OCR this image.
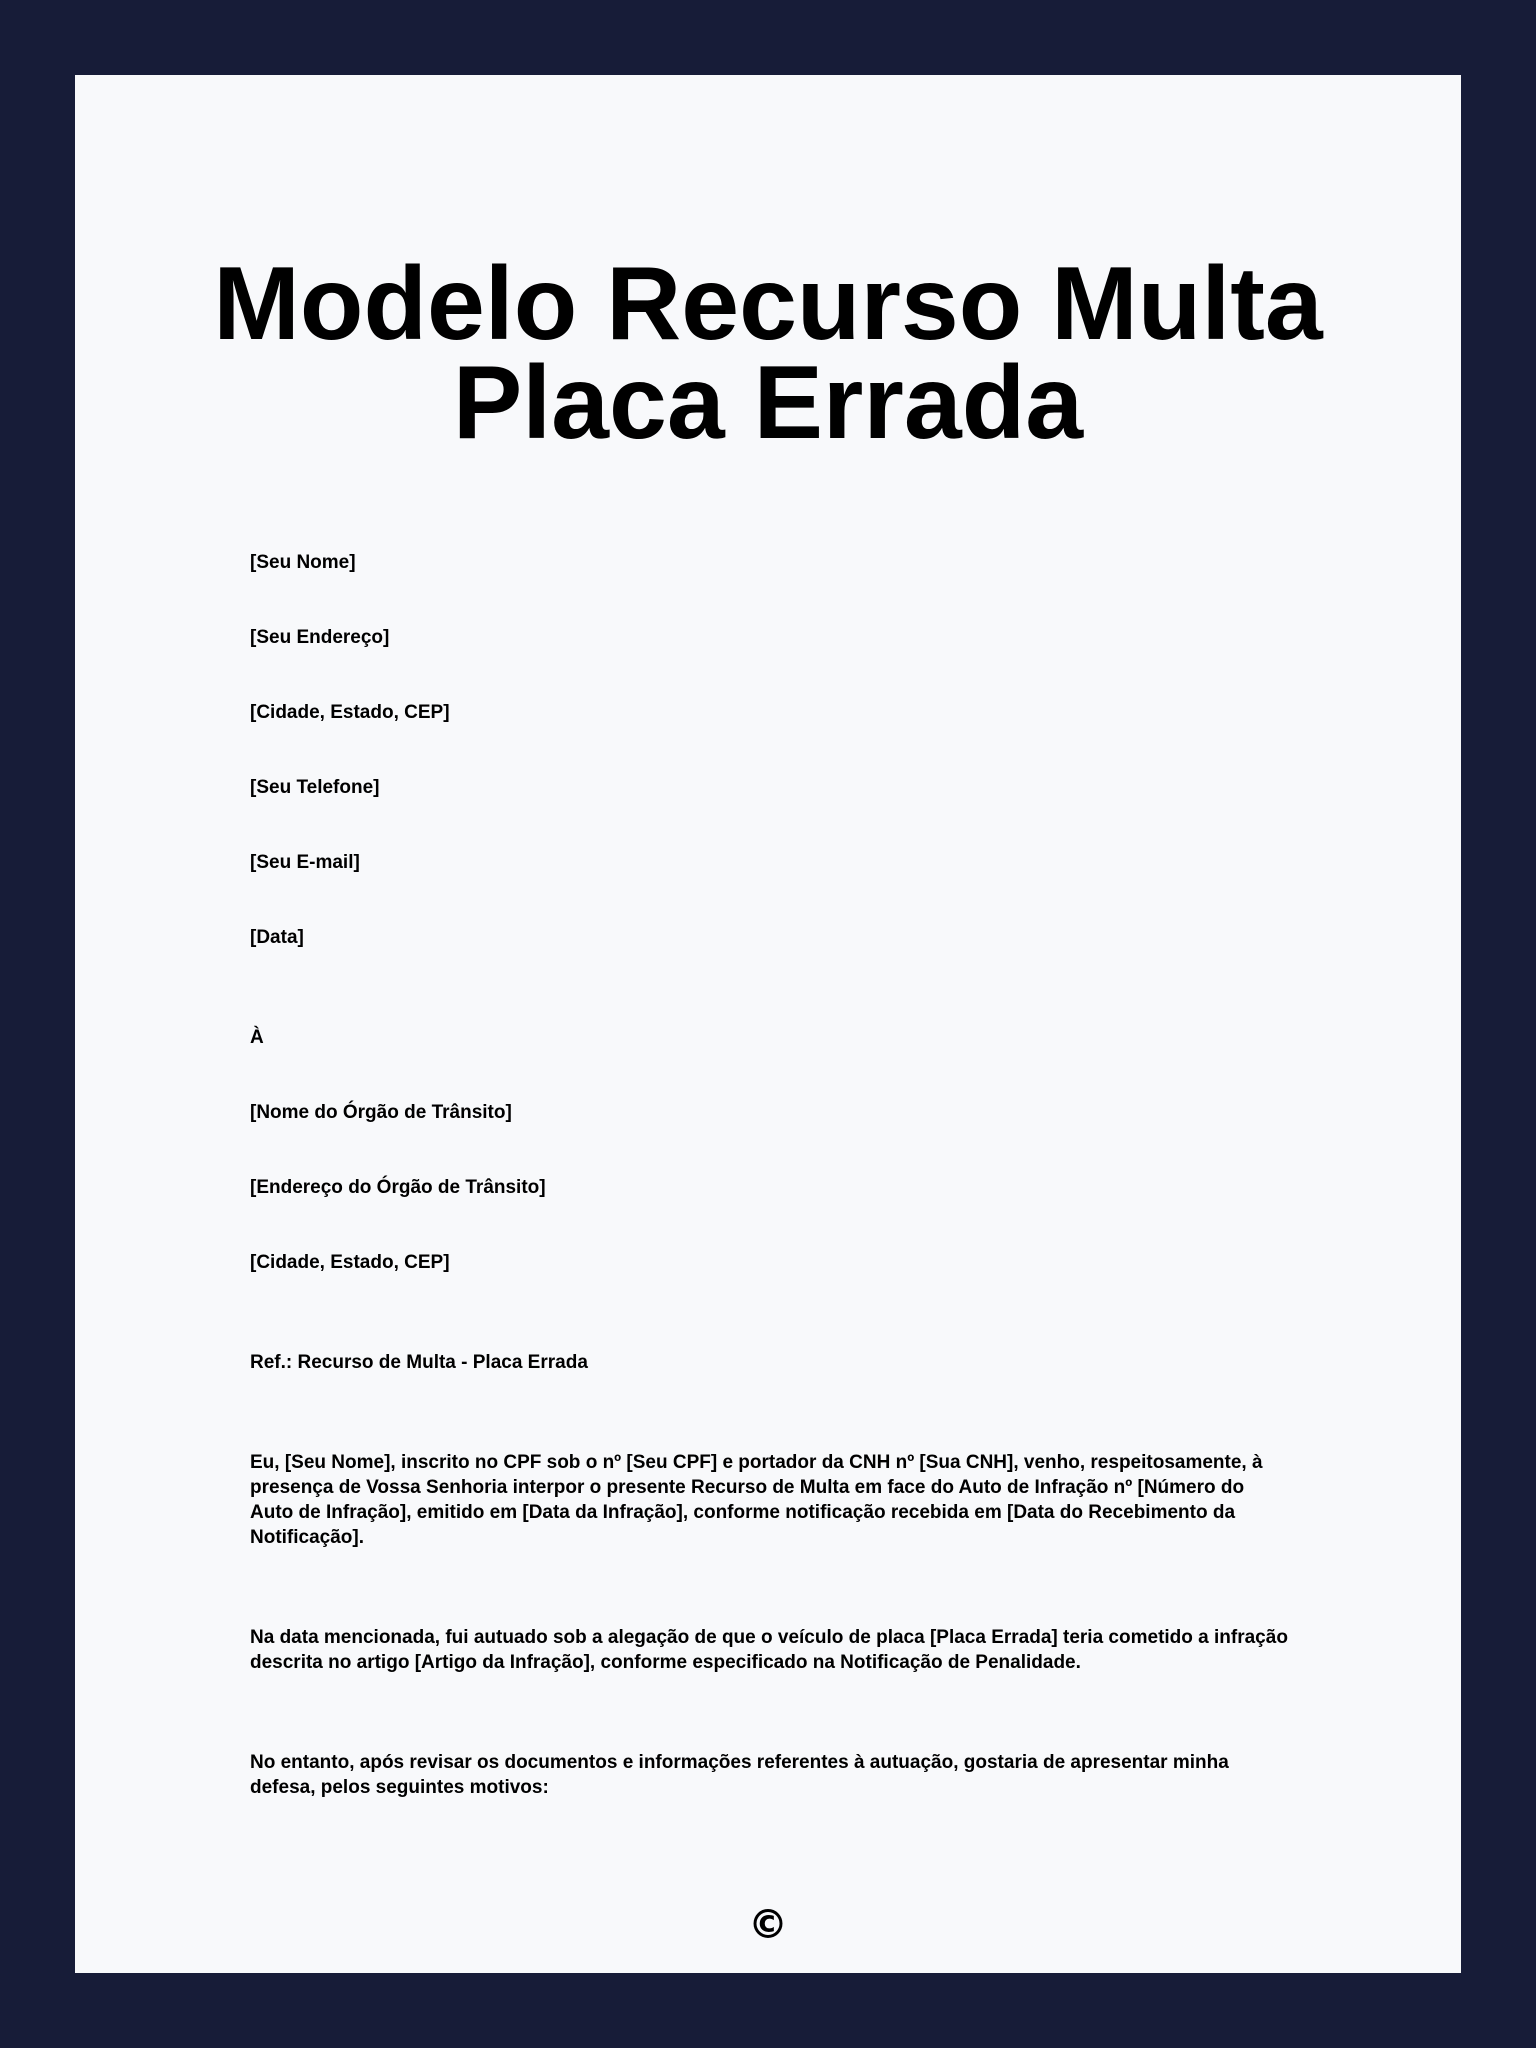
Modelo Recurso Multa Placa Errada

[Seu Nome]

[Seu Endereço]

[Cidade, Estado, CEP]

[Seu Telefone]

[Seu E-mail]

[Data]

À

[Nome do Órgão de Trânsito]

[Endereço do Órgão de Trânsito]

[Cidade, Estado, CEP]

Ref.: Recurso de Multa - Placa Errada

Eu, [Seu Nome], inscrito no CPF sob o nº [Seu CPF] e portador da CNH nº [Sua CNH], venho, respeitosamente, à presença de Vossa Senhoria interpor o presente Recurso de Multa em face do Auto de Infração nº [Número do Auto de Infração], emitido em [Data da Infração], conforme notificação recebida em [Data do Recebimento da Notificação].

Na data mencionada, fui autuado sob a alegação de que o veículo de placa [Placa Errada] teria cometido a infração descrita no artigo [Artigo da Infração], conforme especificado na Notificação de Penalidade.

No entanto, após revisar os documentos e informações referentes à autuação, gostaria de apresentar minha defesa, pelos seguintes motivos:

©
